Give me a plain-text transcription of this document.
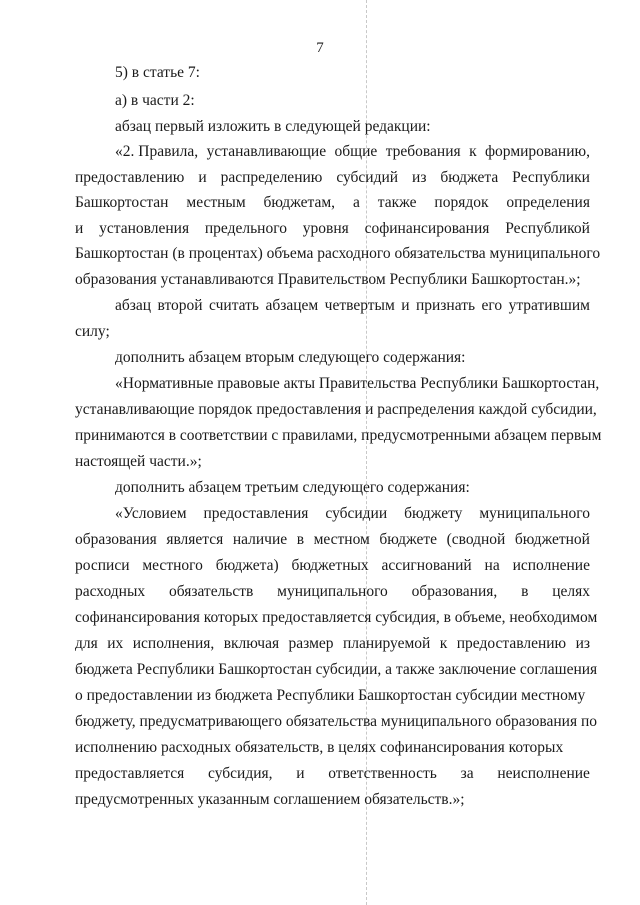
7
5) в статье 7:
а) в части 2:
абзац первый изложить в следующей редакции:
«2. Правила, устанавливающие общие требования к формированию,
предоставлению и распределению субсидий из бюджета Республики
Башкортостан местным бюджетам, а также порядок определения
и установления предельного уровня софинансирования Республикой
Башкортостан (в процентах) объема расходного обязательства муниципального
образования устанавливаются Правительством Республики Башкортостан.»;
абзац второй считать абзацем четвертым и признать его утратившим
силу;
дополнить абзацем вторым следующего содержания:
«Нормативные правовые акты Правительства Республики Башкортостан,
устанавливающие порядок предоставления и распределения каждой субсидии,
принимаются в соответствии с правилами, предусмотренными абзацем первым
настоящей части.»;
дополнить абзацем третьим следующего содержания:
«Условием предоставления субсидии бюджету муниципального
образования является наличие в местном бюджете (сводной бюджетной
росписи местного бюджета) бюджетных ассигнований на исполнение
расходных обязательств муниципального образования, в целях
софинансирования которых предоставляется субсидия, в объеме, необходимом
для их исполнения, включая размер планируемой к предоставлению из
бюджета Республики Башкортостан субсидии, а также заключение соглашения
о предоставлении из бюджета Республики Башкортостан субсидии местному
бюджету, предусматривающего обязательства муниципального образования по
исполнению расходных обязательств, в целях софинансирования которых
предоставляется субсидия, и ответственность за неисполнение
предусмотренных указанным соглашением обязательств.»;
